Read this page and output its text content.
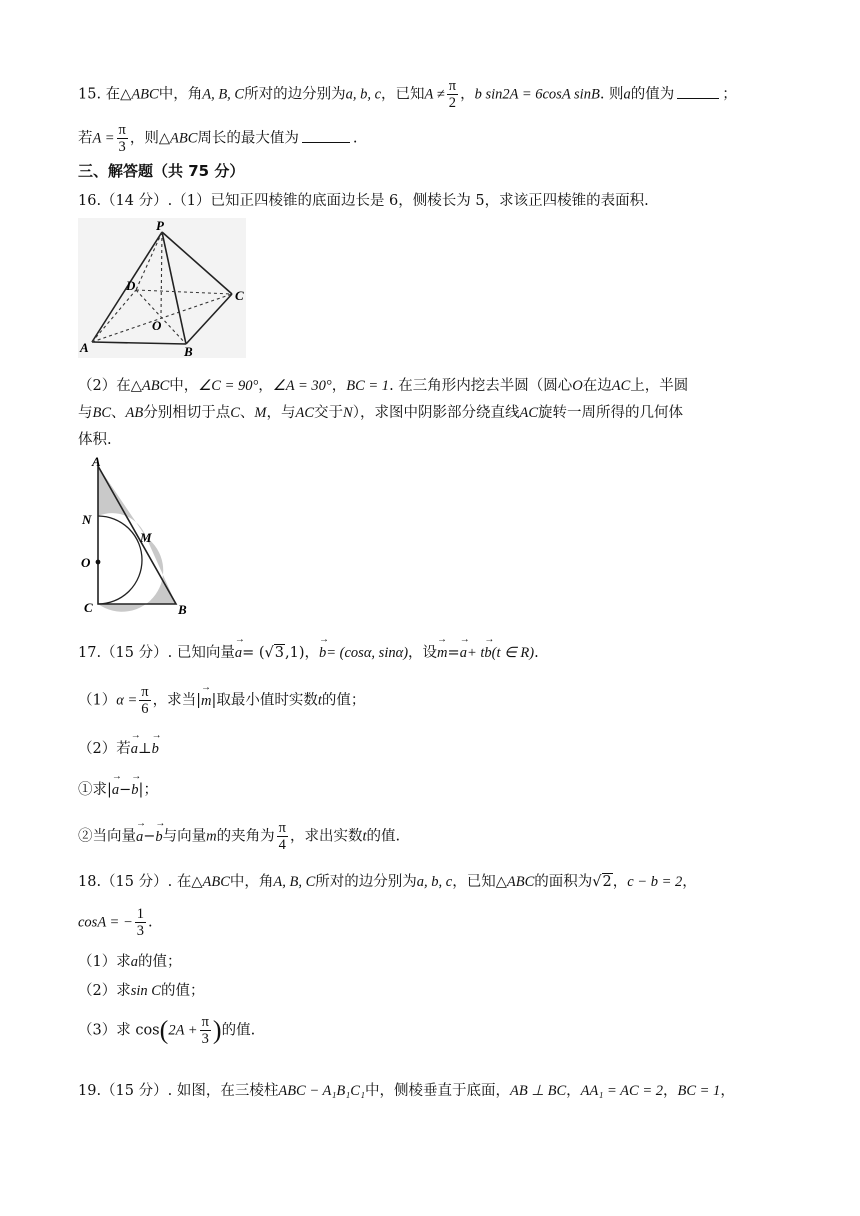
15. 在△ABC中，角A, B, C所对的边分别为a, b, c，已知$A \ne \frac{\pi}{2}$ ，b sin2A = 6cosA sinB. 则a的值为	；
若$A = \frac{\pi}{3}$ ，则△ABC周长的最大值为	.
三、解答题（共 75 分）
16.（14 分）.（1）已知正四棱锥的底面边长是 6，侧棱长为 5，求该正四棱锥的表面积.
P
D
C
O
A	B
（2）在△ABC中，∠C = 90°，∠A = 30°，BC = 1. 在三角形内挖去半圆（圆心O在边AC上，半圆
与BC、AB分别相切于点C、M，与AC交于N），求图中阴影部分绕直线AC旋转一周所得的几何体
体积.
A
N
M
O
C	B
17.（15 分）. 已知向量→ a= (√3,1)，→ b= (cosα, sinα)，设→ m=→ a+ t→ b(t ∈ R).
$(1)\alpha = \frac{\pi}{6}$ ，求当|→ m|取最小值时实数t的值；
（2）若→ a⊥→ b
①求|→ a−→ b|；
②当向量→ a−→ b与向量m的夹角为 $\frac{\pi}{4}$ ，求出实数t的值.
18.（15 分）. 在△ABC中，角A, B, C所对的边分别为a, b, c，已知△ABC的面积为√2，c − b = 2，
cosA = − $\frac{1}{3}$ .
（1）求a的值；
（2）求sin C的值；
（3）求 $\cos(2A + \frac{\pi}{3}$ )的值.
19.（15 分）. 如图，在三棱柱ABC − A₁B₁C₁中，侧棱垂直于底面，AB ⊥ BC，AA₁ = AC = 2，BC = 1，
